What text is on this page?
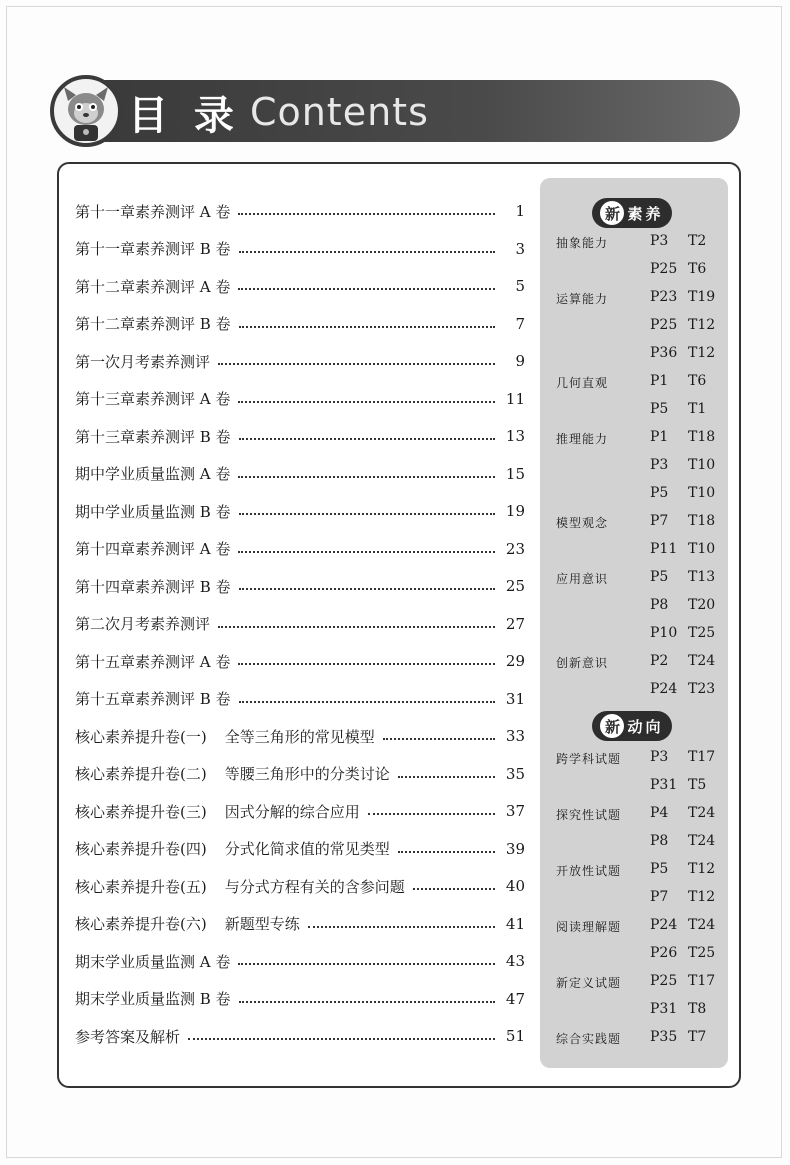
目 录 Contents
第十一章素养测评 A 卷	1
第十一章素养测评 B 卷	3
第十二章素养测评 A 卷	5
第十二章素养测评 B 卷	7
第一次月考素养测评	9
第十三章素养测评 A 卷	11
第十三章素养测评 B 卷	13
期中学业质量监测 A 卷	15
期中学业质量监测 B 卷	19
第十四章素养测评 A 卷	23
第十四章素养测评 B 卷	25
第二次月考素养测评	27
第十五章素养测评 A 卷	29
第十五章素养测评 B 卷	31
核心素养提升卷(一) 全等三角形的常见模型	33
核心素养提升卷(二) 等腰三角形中的分类讨论	35
核心素养提升卷(三) 因式分解的综合应用	37
核心素养提升卷(四) 分式化简求值的常见类型	39
核心素养提升卷(五) 与分式方程有关的含参问题	40
核心素养提升卷(六) 新题型专练	41
期末学业质量监测 A 卷	43
期末学业质量监测 B 卷	47
参考答案及解析	51
新 素养
新 动向
抽象能力	P3 T2
P25 T6
运算能力	P23 T19
P25 T12
P36 T12
几何直观	P1 T6
P5 T1
推理能力	P1 T18
P3 T10
P5 T10
模型观念	P7 T18
P11 T10
应用意识	P5 T13
P8 T20
P10 T25
创新意识	P2 T24
P24 T23
跨学科试题 P3 T17
P31 T5
探究性试题 P4 T24
P8 T24
开放性试题 P5 T12
P7 T12
阅读理解题 P24 T24
P26 T25
新定义试题 P25 T17
P31 T8
综合实践题 P35 T7
